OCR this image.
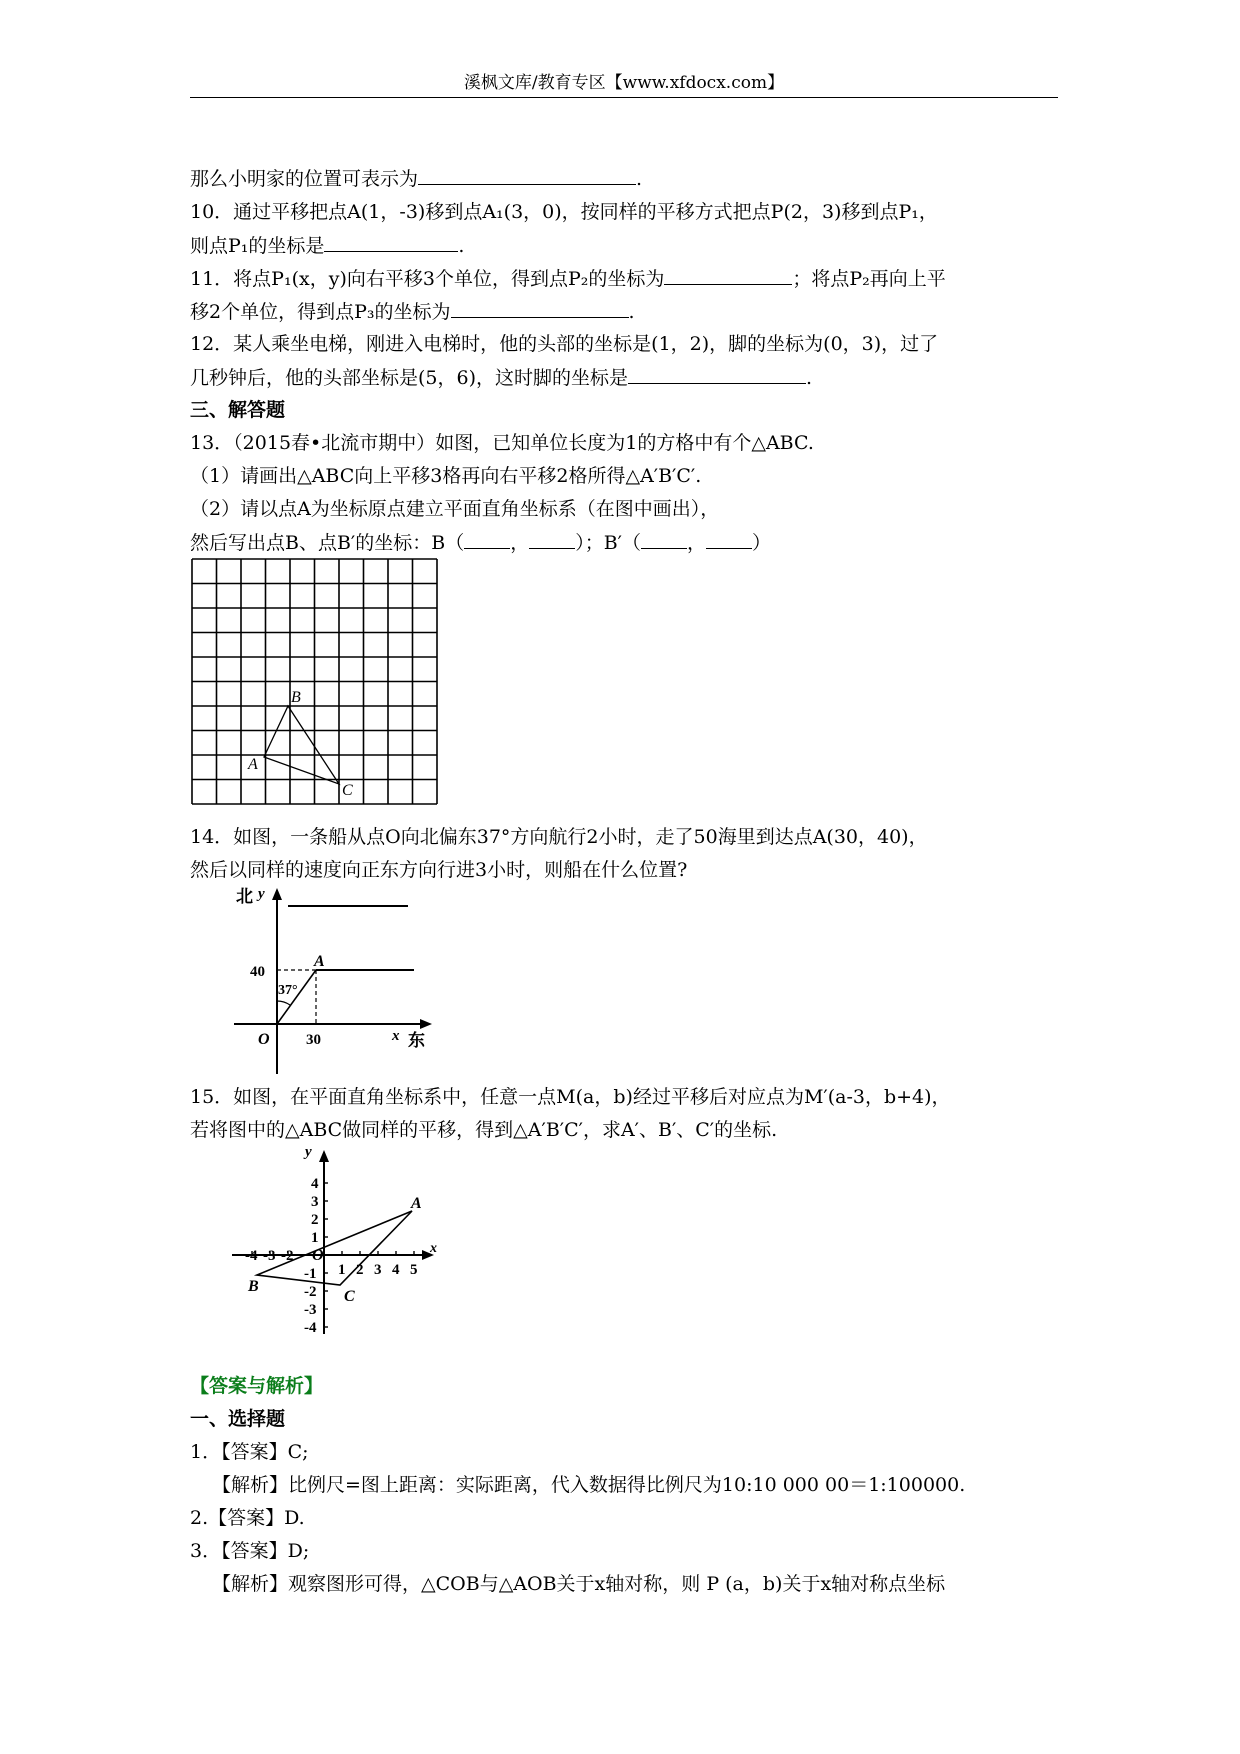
溪枫文库/教育专区【www.xfdocx.com】
那么小明家的位置可表示为	.
10．通过平移把点A(1，-3)移到点A₁(3，0)，按同样的平移方式把点P(2，3)移到点P₁，
则点P₁的坐标是	.
11．将点P₁(x，y)向右平移3个单位，得到点P₂的坐标为	；将点P₂再向上平
移2个单位，得到点P₃的坐标为	.
12．某人乘坐电梯，刚进入电梯时，他的头部的坐标是(1，2)，脚的坐标为(0，3)，过了
几秒钟后，他的头部坐标是(5，6)，这时脚的坐标是	.
三、解答题
13．（2015春•北流市期中）如图，已知单位长度为1的方格中有个△ABC.
（1）请画出△ABC向上平移3格再向右平移2格所得△A′B′C′.
（2）请以点A为坐标原点建立平面直角坐标系（在图中画出），
然后写出点B、点B′的坐标：B（ ， ）；B′（ ， ）
A
B
C
14．如图，一条船从点O向北偏东37°方向航行2小时，走了50海里到达点A(30，40)，
然后以同样的速度向正东方向行进3小时，则船在什么位置?
北 y
40
A
37°
O 30	x 东
15．如图，在平面直角坐标系中，任意一点M(a，b)经过平移后对应点为M′(a-3，b+4)，
若将图中的△ABC做同样的平移，得到△A′B′C′，求A′、B′、C′的坐标.
-4 -3 -2
1 2 3 4 5
4
3
2
1
-1
-2
-3
-4
A
B
C
O	x
y
【答案与解析】
一、选择题
1．【答案】C;
【解析】比例尺=图上距离：实际距离，代入数据得比例尺为10:10 000 00＝1:100000.
2.【答案】D.
3．【答案】D;
【解析】观察图形可得，△COB与△AOB关于x轴对称，则 P (a，b)关于x轴对称点坐标
